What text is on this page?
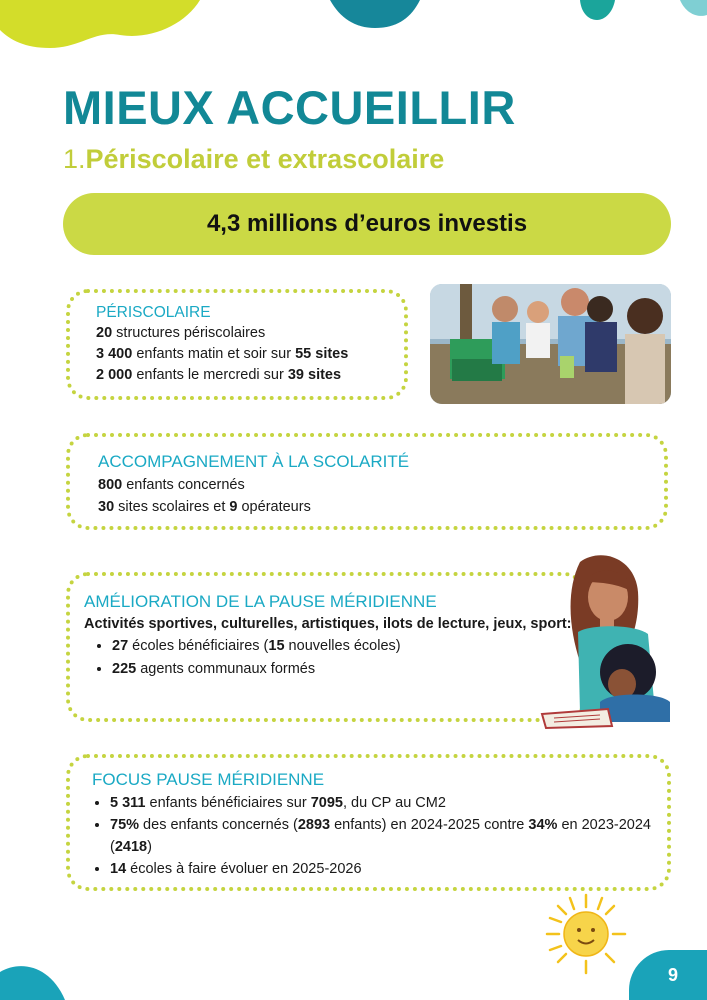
MIEUX ACCUEILLIR
1.Périscolaire et extrascolaire
4,3 millions d’euros investis
PÉRISCOLAIRE

20 structures périscolaires

3 400 enfants matin et soir sur 55 sites

2 000 enfants le mercredi sur 39 sites

ACCOMPAGNEMENT À LA SCOLARITÉ

800 enfants concernés

30 sites scolaires et 9 opérateurs

AMÉLIORATION DE LA PAUSE MÉRIDIENNE

Activités sportives, culturelles, artistiques, ilots de lecture, jeux, sport:

• 27 écoles bénéficiaires (15 nouvelles écoles)
• 225 agents communaux formés
FOCUS PAUSE MÉRIDIENNE
• 5 311 enfants bénéficiaires sur 7095, du CP au CM2
• 75% des enfants concernés (2893 enfants) en 2024-2025 contre 34% en 2023-2024 (2418)
• 14 écoles à faire évoluer en 2025-2026
9
